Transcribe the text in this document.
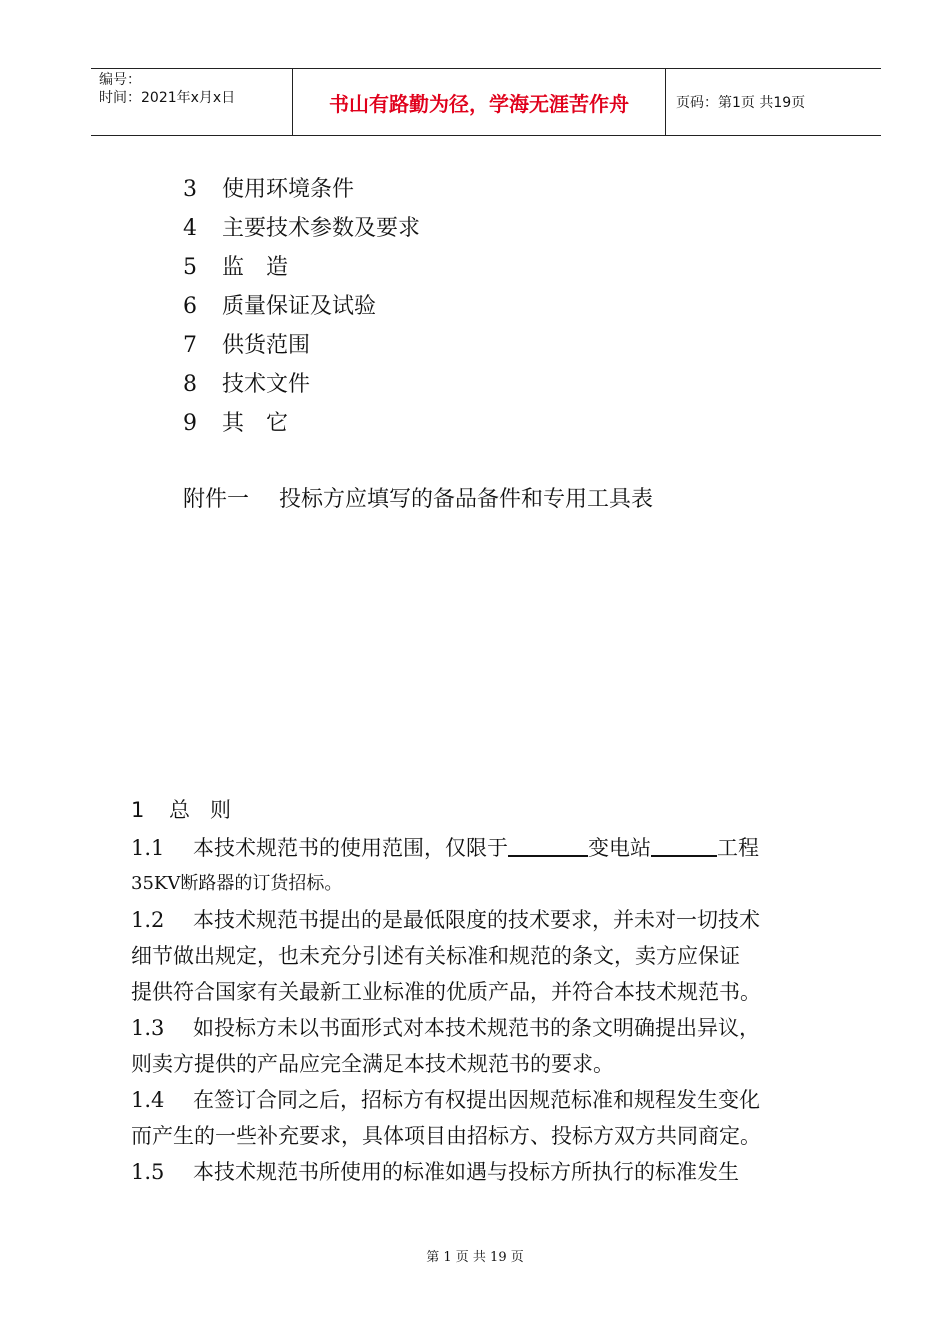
编号：
时间：2021年x月x日	书山有路勤为径，学海无涯苦作舟	页码：第1页 共19页
3 使用环境条件
4 主要技术参数及要求
5 监　造
6 质量保证及试验
7 供货范围
8 技术文件
9 其　它
附件一 投标方应填写的备品备件和专用工具表
1 总则
1.1 本技术规范书的使用范围，仅限于	变电站	工程
35KV断路器的订货招标。
1.2 本技术规范书提出的是最低限度的技术要求，并未对一切技术
细节做出规定，也未充分引述有关标准和规范的条文，卖方应保证
提供符合国家有关最新工业标准的优质产品，并符合本技术规范书。
1.3 如投标方未以书面形式对本技术规范书的条文明确提出异议，
则卖方提供的产品应完全满足本技术规范书的要求。
1.4 在签订合同之后，招标方有权提出因规范标准和规程发生变化
而产生的一些补充要求，具体项目由招标方、投标方双方共同商定。
1.5 本技术规范书所使用的标准如遇与投标方所执行的标准发生
第 1 页 共 19 页
